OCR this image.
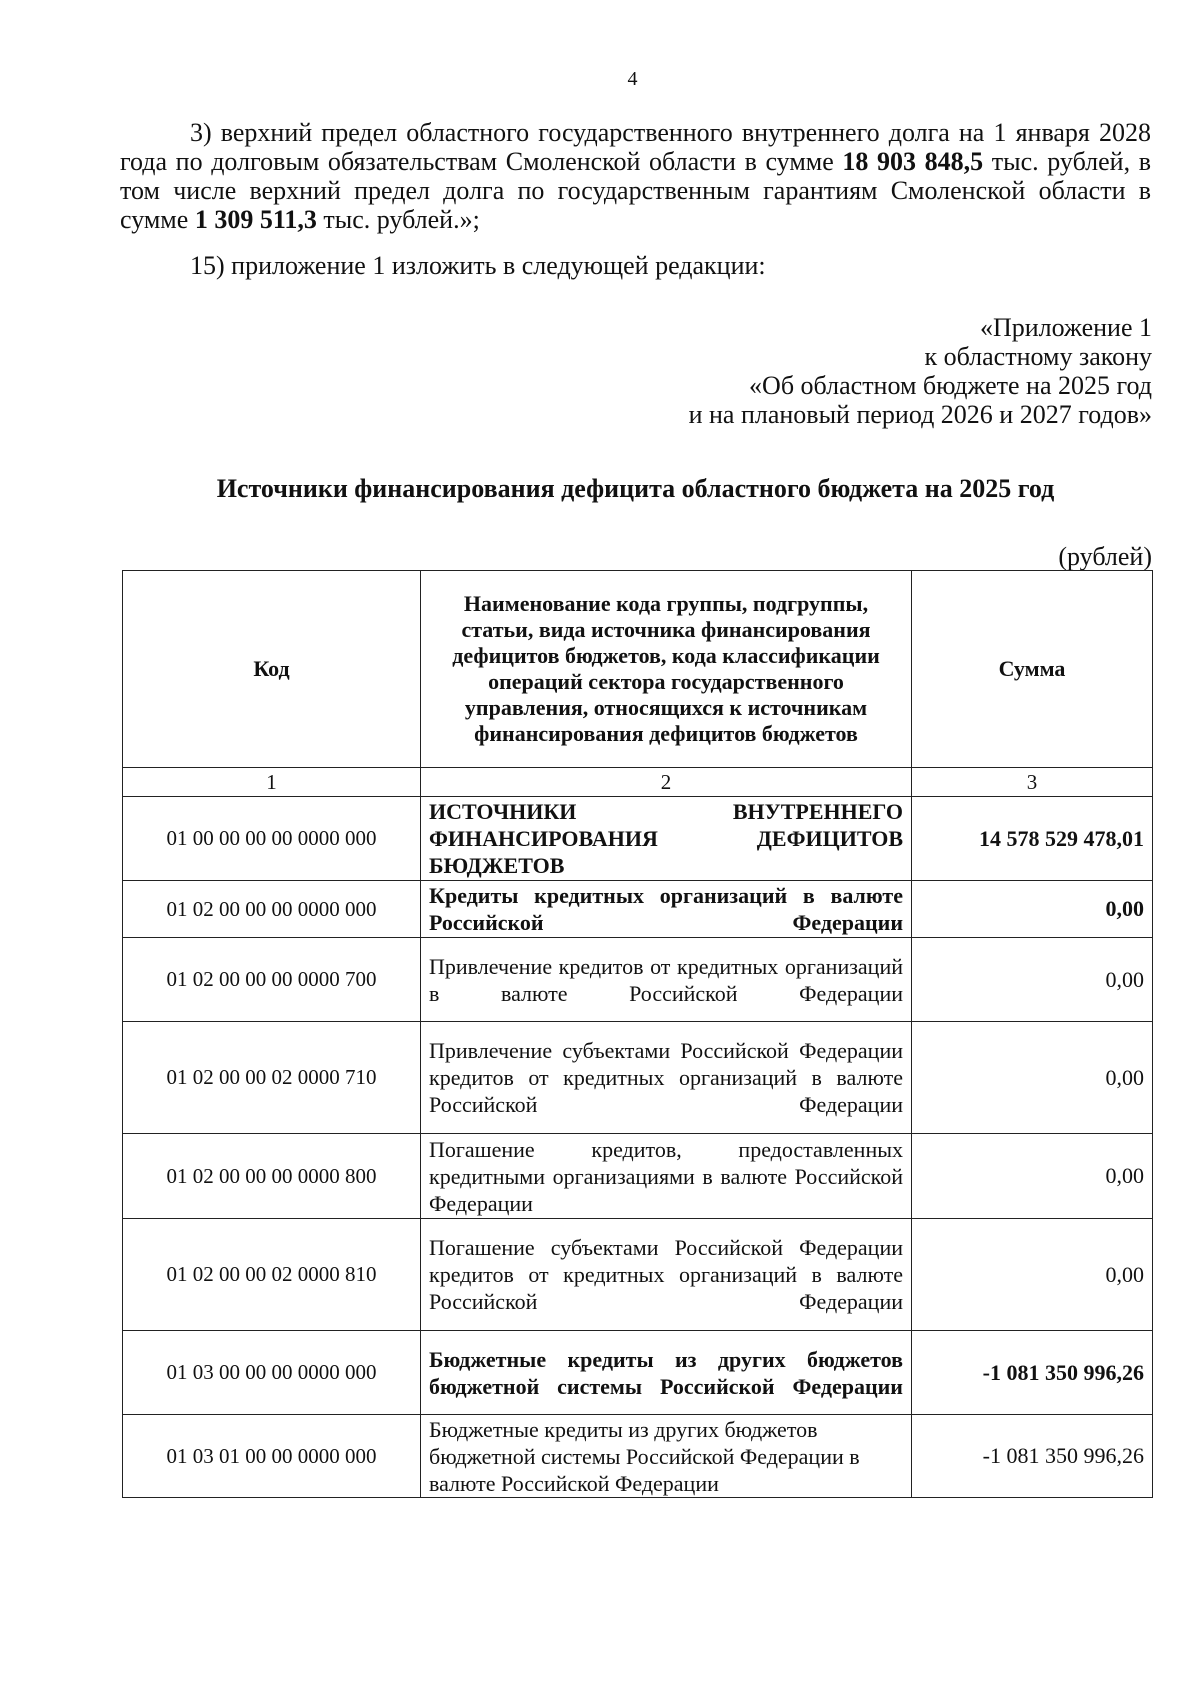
4

3) верхний предел областного государственного внутреннего долга на 1 января 2028 года по долговым обязательствам Смоленской области в сумме 18 903 848,5 тыс. рублей, в том числе верхний предел долга по государственным гарантиям Смоленской области в сумме 1 309 511,3 тыс. рублей.»;

15) приложение 1 изложить в следующей редакции:

«Приложение 1
к областному закону
«Об областном бюджете на 2025 год
и на плановый период 2026 и 2027 годов»
Источники финансирования дефицита областного бюджета на 2025 год
(рублей)
Код	Наименование кода группы, подгруппы, статьи, вида источника финансирования дефицитов бюджетов, кода классификации операций сектора государственного управления, относящихся к источникам финансирования дефицитов бюджетов	Сумма
1	2	3
01 00 00 00 00 0000 000	ИСТОЧНИКИ ВНУТРЕННЕГО ФИНАНСИРОВАНИЯ ДЕФИЦИТОВ БЮДЖЕТОВ	14 578 529 478,01
01 02 00 00 00 0000 000	Кредиты кредитных организаций в валюте Российской Федерации	0,00
01 02 00 00 00 0000 700	Привлечение кредитов от кредитных организаций в валюте Российской Федерации	0,00
01 02 00 00 02 0000 710	Привлечение субъектами Российской Федерации кредитов от кредитных организаций в валюте Российской Федерации	0,00
01 02 00 00 00 0000 800	Погашение кредитов, предоставленных кредитными организациями в валюте Российской Федерации	0,00
01 02 00 00 02 0000 810	Погашение субъектами Российской Федерации кредитов от кредитных организаций в валюте Российской Федерации	0,00
01 03 00 00 00 0000 000	Бюджетные кредиты из других бюджетов бюджетной системы Российской Федерации	-1 081 350 996,26
01 03 01 00 00 0000 000	Бюджетные кредиты из других бюджетов бюджетной системы Российской Федерации в валюте Российской Федерации	-1 081 350 996,26
